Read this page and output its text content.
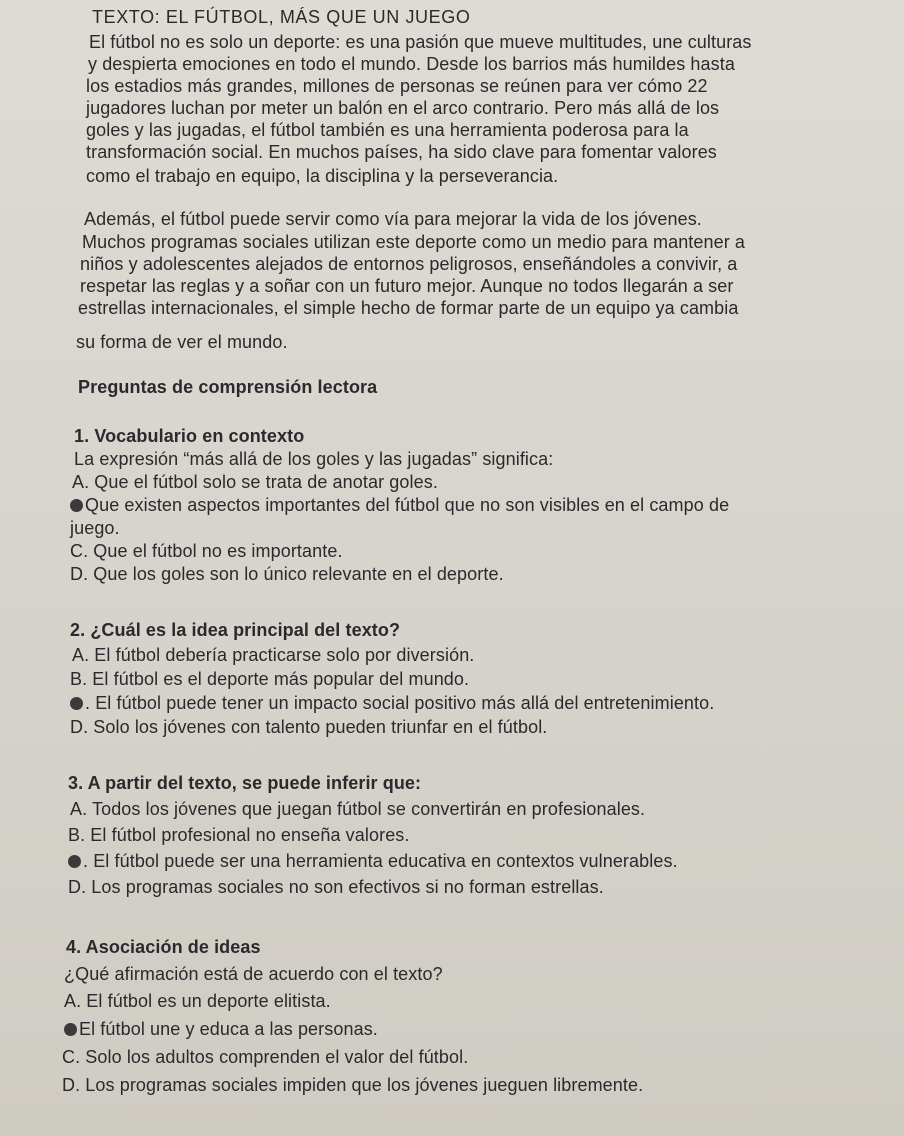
TEXTO: EL FÚTBOL, MÁS QUE UN JUEGO
El fútbol no es solo un deporte: es una pasión que mueve multitudes, une culturas
y despierta emociones en todo el mundo. Desde los barrios más humildes hasta
los estadios más grandes, millones de personas se reúnen para ver cómo 22
jugadores luchan por meter un balón en el arco contrario. Pero más allá de los
goles y las jugadas, el fútbol también es una herramienta poderosa para la
transformación social. En muchos países, ha sido clave para fomentar valores
como el trabajo en equipo, la disciplina y la perseverancia.
Además, el fútbol puede servir como vía para mejorar la vida de los jóvenes.
Muchos programas sociales utilizan este deporte como un medio para mantener a
niños y adolescentes alejados de entornos peligrosos, enseñándoles a convivir, a
respetar las reglas y a soñar con un futuro mejor. Aunque no todos llegarán a ser
estrellas internacionales, el simple hecho de formar parte de un equipo ya cambia
su forma de ver el mundo.
Preguntas de comprensión lectora
1. Vocabulario en contexto
La expresión “más allá de los goles y las jugadas” significa:
A. Que el fútbol solo se trata de anotar goles.
Que existen aspectos importantes del fútbol que no son visibles en el campo de
juego.
C. Que el fútbol no es importante.
D. Que los goles son lo único relevante en el deporte.
2. ¿Cuál es la idea principal del texto?
A. El fútbol debería practicarse solo por diversión.
B. El fútbol es el deporte más popular del mundo.
. El fútbol puede tener un impacto social positivo más allá del entretenimiento.
D. Solo los jóvenes con talento pueden triunfar en el fútbol.
3. A partir del texto, se puede inferir que:
A. Todos los jóvenes que juegan fútbol se convertirán en profesionales.
B. El fútbol profesional no enseña valores.
. El fútbol puede ser una herramienta educativa en contextos vulnerables.
D. Los programas sociales no son efectivos si no forman estrellas.
4. Asociación de ideas
¿Qué afirmación está de acuerdo con el texto?
A. El fútbol es un deporte elitista.
El fútbol une y educa a las personas.
C. Solo los adultos comprenden el valor del fútbol.
D. Los programas sociales impiden que los jóvenes jueguen libremente.
